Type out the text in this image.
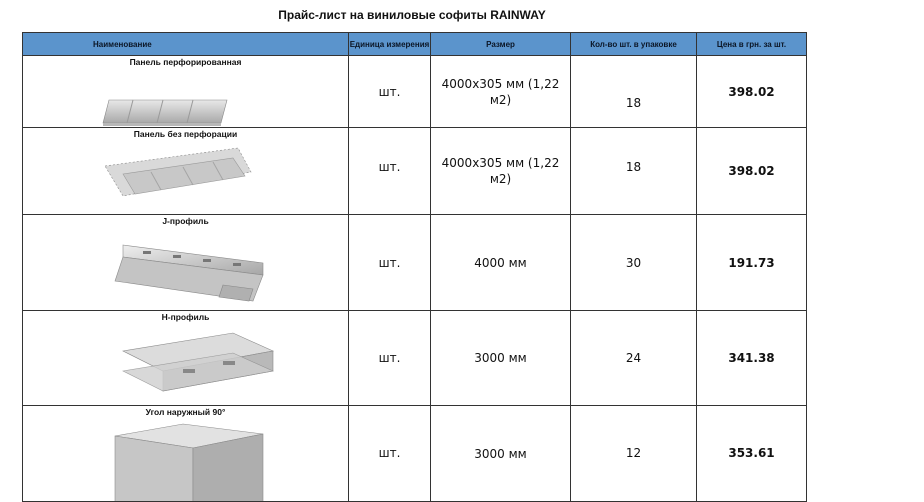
Прайс-лист на виниловые софиты RAINWAY
Наименование	Единица измерения	Размер	Кол-во шт. в упаковке	Цена в грн. за шт.

Панель перфорированная	шт.	4000х305 мм (1,22 м2)	18	398.02

Панель без перфорации	шт.	4000х305 мм (1,22 м2)	18	398.02

J-профиль	шт.	4000 мм	30	191.73

H-профиль	шт.	3000 мм	24	341.38

Угол наружный 90°	шт.	3000 мм	12	353.61
